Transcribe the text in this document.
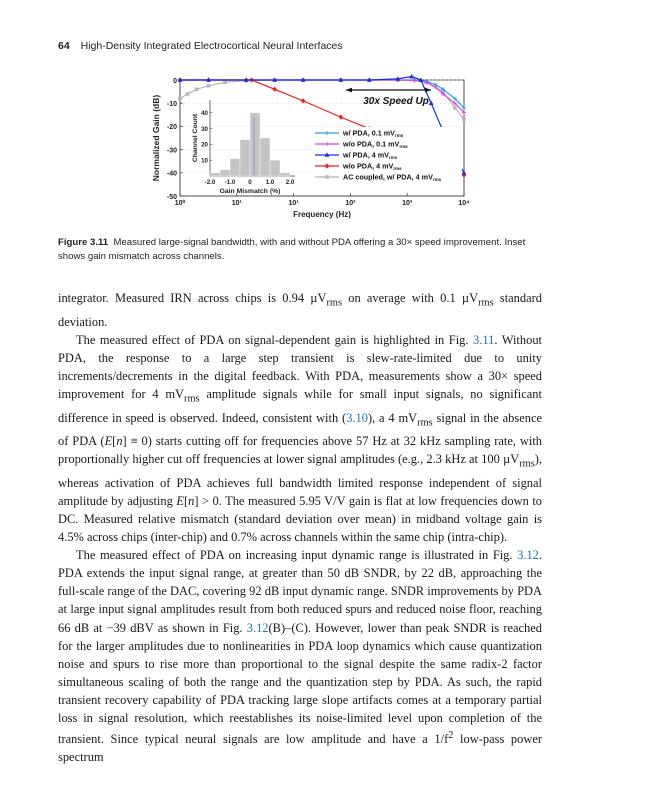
64 High-Density Integrated Electrocortical Neural Interfaces
0
-10
-20
-30
-40
-50
10⁰	10¹	10¹	10²	10³	10⁴
Normalized Gain (dB)
Frequency (Hz)
30x Speed Up
w/ PDA, 0.1 $mV_{rms}$
w/o PDA, 0.1 $mV_{rms}$
w/ PDA, 4 $mV_{rms}$
w/o PDA, 4 $mV_{rms}$
AC coupled, w/ PDA, 4 $mV_{rms}$
10
20
30
40
-2.0 -1.0 0 1.0 2.0
Channel Count
Gain Mismatch (%)
Figure 3.11 Measured large-signal bandwidth, with and without PDA offering a 30× speed improvement. Inset shows gain mismatch across channels.

integrator. Measured IRN across chips is 0.94 µV$_{rms}$ on average with 0.1 µV$_{rms}$ standard deviation.

The measured effect of PDA on signal-dependent gain is highlighted in Fig. 3.11. Without PDA, the response to a large step transient is slew-rate-limited due to unity increments/decrements in the digital feedback. With PDA, measurements show a 30× speed improvement for 4 $mV_{rms}$ amplitude signals while for small input signals, no significant difference in speed is observed. Indeed, consistent with (3.10), a 4 $mV_{rms}$ signal in the absence of PDA (E[n] ≡ 0) starts cutting off for frequencies above 57 Hz at 32 kHz sampling rate, with proportionally higher cut off frequencies at lower signal amplitudes (e.g., 2.3 kHz at 100 µV$_{rms}$), whereas activation of PDA achieves full bandwidth limited response independent of signal amplitude by adjusting E[n] > 0. The measured 5.95 V/V gain is flat at low frequencies down to DC. Measured relative mismatch (standard deviation over mean) in midband voltage gain is 4.5% across chips (inter-chip) and 0.7% across channels within the same chip (intra-chip).

The measured effect of PDA on increasing input dynamic range is illustrated in Fig. 3.12. PDA extends the input signal range, at greater than 50 dB SNDR, by 22 dB, approaching the full-scale range of the DAC, covering 92 dB input dynamic range. SNDR improvements by PDA at large input signal amplitudes result from both reduced spurs and reduced noise floor, reaching 66 dB at −39 dBV as shown in Fig. 3.12(B)–(C). However, lower than peak SNDR is reached for the larger amplitudes due to nonlinearities in PDA loop dynamics which cause quantization noise and spurs to rise more than proportional to the signal despite the same radix-2 factor simultaneous scaling of both the range and the quantization step by PDA. As such, the rapid transient recovery capability of PDA tracking large slope artifacts comes at a temporary partial loss in signal resolution, which reestablishes its noise-limited level upon completion of the transient. Since typical neural signals are low amplitude and have a $1/f^2$ low-pass power spectrum
